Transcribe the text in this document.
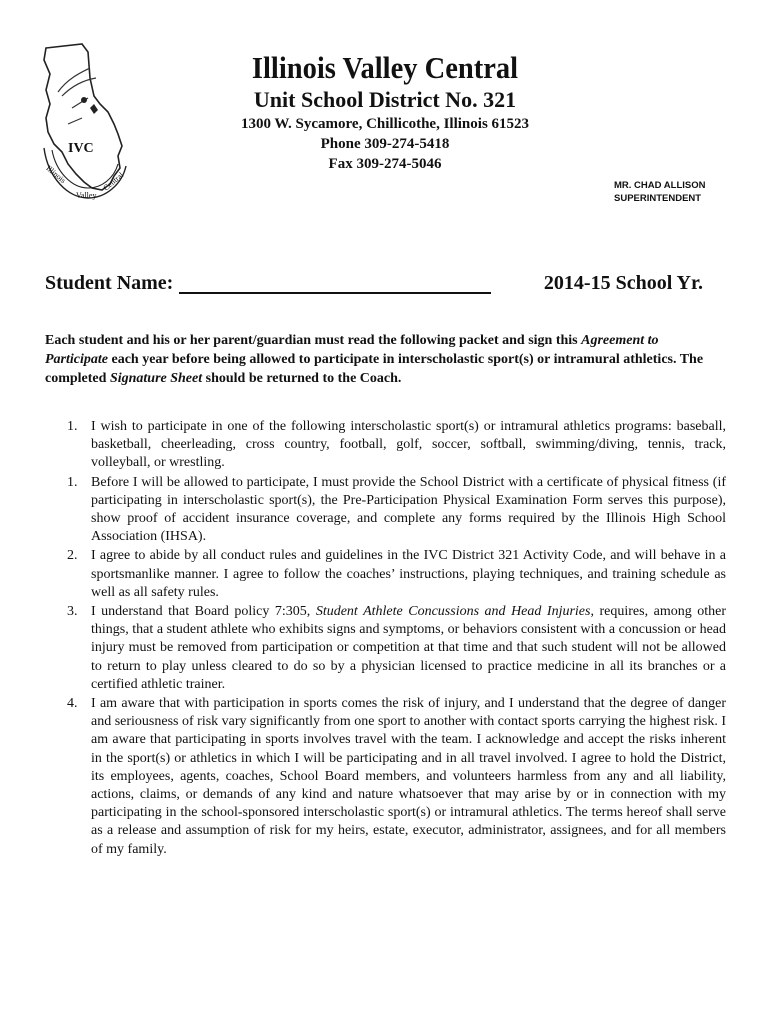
IVC
Illinois
Valley
Central
Illinois Valley Central
Unit School District No. 321
1300 W. Sycamore, Chillicothe, Illinois 61523
Phone 309-274-5418
Fax 309-274-5046
MR. CHAD ALLISON
SUPERINTENDENT
Student Name:	2014-15 School Yr.
Each student and his or her parent/guardian must read the following packet and sign this Agreement to Participate each year before being allowed to participate in interscholastic sport(s) or intramural athletics. The completed Signature Sheet should be returned to the Coach.
1. I wish to participate in one of the following interscholastic sport(s) or intramural athletics programs: baseball, basketball, cheerleading, cross country, football, golf, soccer, softball, swimming/diving, tennis, track, volleyball, or wrestling.
1. Before I will be allowed to participate, I must provide the School District with a certificate of physical fitness (if participating in interscholastic sport(s), the Pre-Participation Physical Examination Form serves this purpose), show proof of accident insurance coverage, and complete any forms required by the Illinois High School Association (IHSA).
2. I agree to abide by all conduct rules and guidelines in the IVC District 321 Activity Code, and will behave in a sportsmanlike manner. I agree to follow the coaches’ instructions, playing techniques, and training schedule as well as all safety rules.
3. I understand that Board policy 7:305, Student Athlete Concussions and Head Injuries, requires, among other things, that a student athlete who exhibits signs and symptoms, or behaviors consistent with a concussion or head injury must be removed from participation or competition at that time and that such student will not be allowed to return to play unless cleared to do so by a physician licensed to practice medicine in all its branches or a certified athletic trainer.
4. I am aware that with participation in sports comes the risk of injury, and I understand that the degree of danger and seriousness of risk vary significantly from one sport to another with contact sports carrying the highest risk. I am aware that participating in sports involves travel with the team. I acknowledge and accept the risks inherent in the sport(s) or athletics in which I will be participating and in all travel involved. I agree to hold the District, its employees, agents, coaches, School Board members, and volunteers harmless from any and all liability, actions, claims, or demands of any kind and nature whatsoever that may arise by or in connection with my participating in the school-sponsored interscholastic sport(s) or intramural athletics. The terms hereof shall serve as a release and assumption of risk for my heirs, estate, executor, administrator, assignees, and for all members of my family.
